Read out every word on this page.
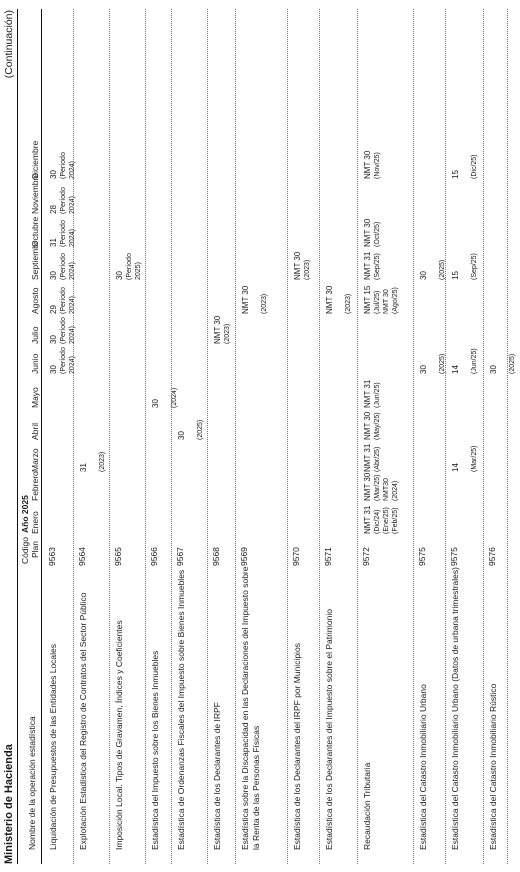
Ministerio de Hacienda
(Continuación)
Nombre de la operación estadística
Código Plan
Año 2025 Enero
Febrero
Marzo
Abril
Mayo
Junio
Julio
Agosto
Septiembr
Octubre
Noviembre
Diciembre
Liquidación de Presupuestos de las Entidades Locales
9563
30 (Período 2024)
30 (Período 2024)
29 (Período 2024)
30 (Período 2024)
31 (Período 2024)
28 (Período 2024)
30 (Período 2024)
Explotación Estadística del Registro de Contratos del Sector Público
9564
31 (2023)
Imposición Local. Tipos de Gravamen, Índices y Coeficientes
9565
30 (Período 2025)
Estadística del Impuesto sobre los Bienes Inmuebles
9566
30 (2024)
Estadística de Ordenanzas Fiscales del Impuesto sobre Bienes Inmuebles
9567
30 (2025)
Estadística de los Declarantes de IRPF
9568
NMT 30 (2023)
Estadística sobre la Discapacidad en las Declaraciones del Impuesto sobre la Renta de las Personas Físicas
9569
NMT 30 (2023)
Estadística de los Declarantes del IRPF por Municipios
9570
NMT 30 (2023)
Estadística de los Declarantes del Impuesto sobre el Patrimonio
9571
NMT 30 (2023)
Recaudación Tributaria
9572
NMT 31 (Dic/24) (Ene/25) (Feb/25)
NMT 30 (Mar/25) NMT30 (2024)
NMT 31 (Abr/25)
NMT 30 (May/25)
NMT 31 (Jun/25)
NMT 15 (Jul/25) NMT 30 (Ago/25)
NMT 31 (Sep/25)
NMT 30 (Oct/25)
NMT 30 (Nov/25)
Estadística del Catastro Inmobiliario Urbano
9575
30 (2025)
30 (2025)
Estadística del Catastro Inmobiliario Urbano (Datos de urbana trimestrales)
9575
14 (Mar/25)
14 (Jun/25)
15 (Sep/25)
15 (Dic/25)
Estadística del Catastro Inmobiliario Rústico
9576
30 (2025)
